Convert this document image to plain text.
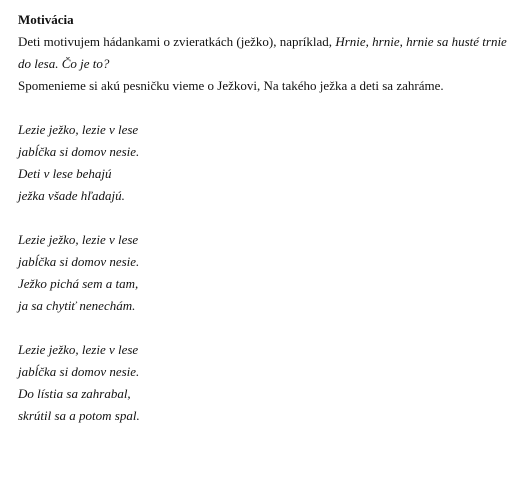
Motivácia

Deti motivujem hádankami o zvieratkách (ježko), napríklad, Hrnie, hrnie, hrnie sa husté trnie
do lesa. Čo je to?
Spomenieme si akú pesničku vieme o Ježkovi, Na takého ježka a deti sa zahráme.

Lezie ježko, lezie v lese
jabĺčka si domov nesie.
Deti v lese behajú
ježka všade hľadajú.
Lezie ježko, lezie v lese
jabĺčka si domov nesie.
Ježko pichá sem a tam,
ja sa chytiť nenechám.
Lezie ježko, lezie v lese
jabĺčka si domov nesie.
Do lístia sa zahrabal,
skrútil sa a potom spal.
